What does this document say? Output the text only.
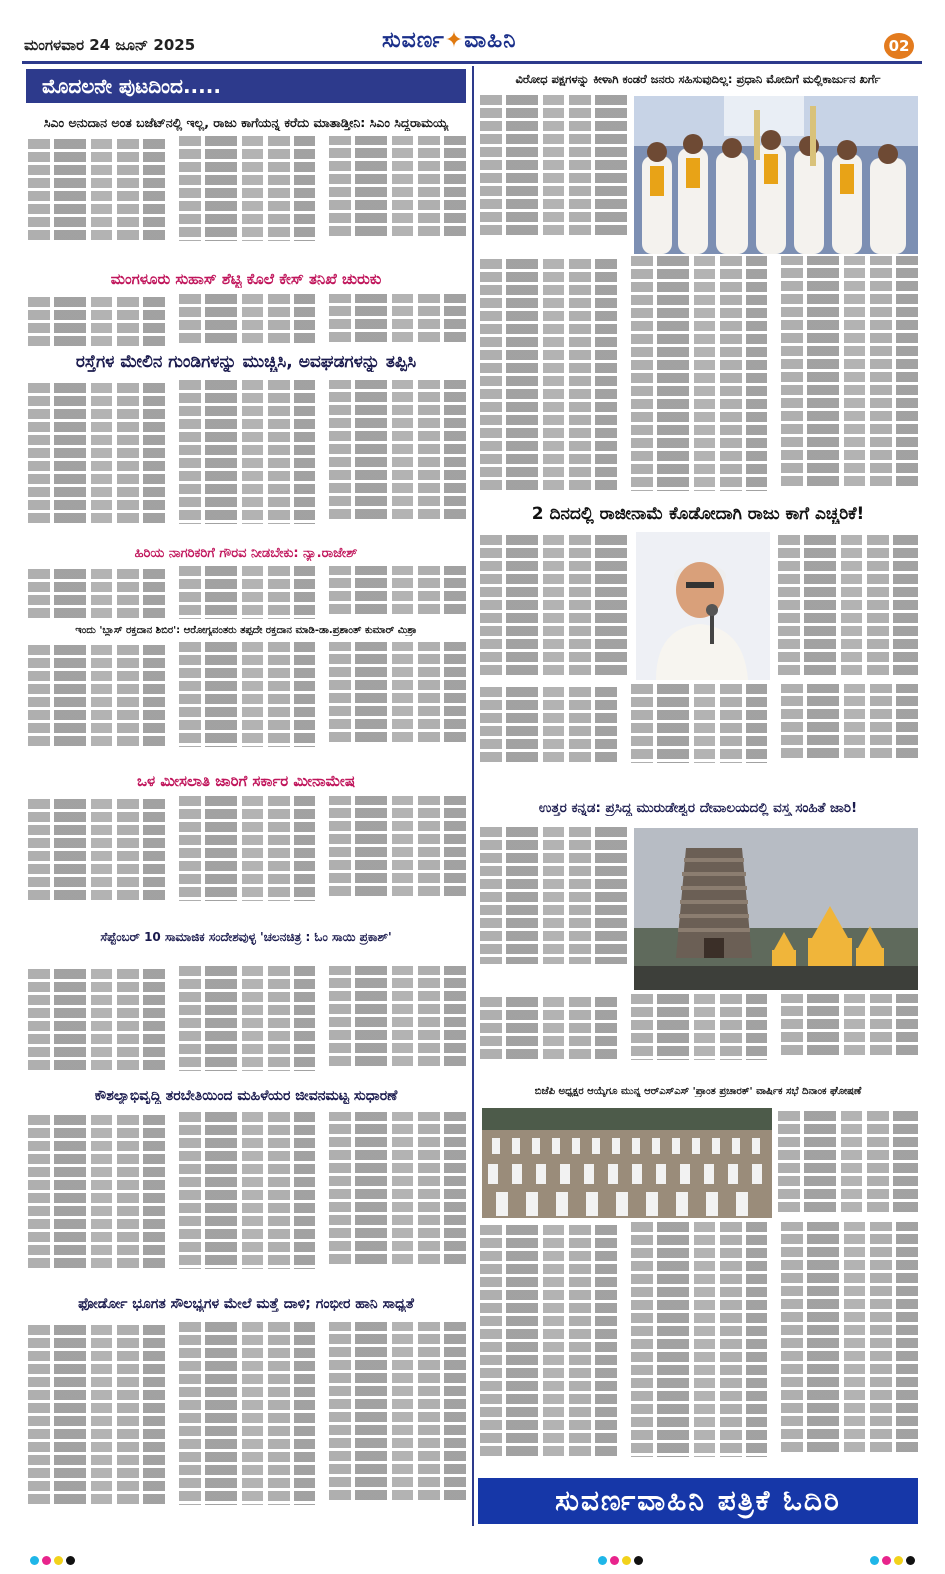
ಮಂಗಳವಾರ 24 ಜೂನ್ 2025	ಸುವರ್ಣ✦ವಾಹಿನಿ	02
ಮೊದಲನೇ ಪುಟದಿಂದ.....
ಸಿಎಂ ಅನುದಾನ ಅಂತ ಬಜೆಟ್‌ನಲ್ಲಿ ಇಲ್ಲ, ರಾಜು ಕಾಗೆಯನ್ನ ಕರೆದು ಮಾತಾಡ್ತೀನಿ: ಸಿಎಂ ಸಿದ್ದರಾಮಯ್ಯ
ಮಂಗಳೂರು ಸುಹಾಸ್ ಶೆಟ್ಟಿ ಕೊಲೆ ಕೇಸ್ ತನಿಖೆ ಚುರುಕು
ರಸ್ತೆಗಳ ಮೇಲಿನ ಗುಂಡಿಗಳನ್ನು ಮುಚ್ಚಿಸಿ, ಅವಘಡಗಳನ್ನು ತಪ್ಪಿಸಿ
ಹಿರಿಯ ನಾಗರಿಕರಿಗೆ ಗೌರವ ನೀಡಬೇಕು: ನ್ಯಾ.ರಾಜೇಶ್
ಇಂದು 'ಬ್ಲಾಸ್ ರಕ್ತದಾನ ಶಿಬಿರ': ಆರೋಗ್ಯವಂತರು ತಪ್ಪದೇ ರಕ್ತದಾನ ಮಾಡಿ-ಡಾ.ಪ್ರಶಾಂತ್ ಕುಮಾರ್ ಮಿಶ್ರಾ
ಒಳ ಮೀಸಲಾತಿ ಜಾರಿಗೆ ಸರ್ಕಾರ ಮೀನಾಮೇಷ
ಸೆಪ್ಟೆಂಬರ್ 10 ಸಾಮಾಜಿಕ ಸಂದೇಶವುಳ್ಳ 'ಚಲನಚಿತ್ರ : ಓಂ ಸಾಯಿ ಪ್ರಕಾಶ್'
ಕೌಶಲ್ಯಾಭಿವೃದ್ಧಿ ತರಬೇತಿಯಿಂದ ಮಹಿಳೆಯರ ಜೀವನಮಟ್ಟ ಸುಧಾರಣೆ
ಫೋರ್ಡೋ ಭೂಗತ ಸೌಲಭ್ಯಗಳ ಮೇಲೆ ಮತ್ತೆ ದಾಳಿ; ಗಂಭೀರ ಹಾನಿ ಸಾಧ್ಯತೆ
ವಿರೋಧ ಪಕ್ಷಗಳನ್ನು ಕೀಳಾಗಿ ಕಂಡರೆ ಜನರು ಸಹಿಸುವುದಿಲ್ಲ: ಪ್ರಧಾನಿ ಮೋದಿಗೆ ಮಲ್ಲಿಕಾರ್ಜುನ ಖರ್ಗೆ
2 ದಿನದಲ್ಲಿ ರಾಜೀನಾಮೆ ಕೊಡೋದಾಗಿ ರಾಜು ಕಾಗೆ ಎಚ್ಚರಿಕೆ!
ಉತ್ತರ ಕನ್ನಡ: ಪ್ರಸಿದ್ಧ ಮುರುಡೇಶ್ವರ ದೇವಾಲಯದಲ್ಲಿ ವಸ್ತ್ರ ಸಂಹಿತೆ ಜಾರಿ!
ಬಿಜೆಪಿ ಅಧ್ಯಕ್ಷರ ಆಯ್ಕೆಗೂ ಮುನ್ನ ಆರ್‌ಎಸ್‌ಎಸ್ 'ಪ್ರಾಂತ ಪ್ರಚಾರಕ್' ವಾರ್ಷಿಕ ಸಭೆ ದಿನಾಂಕ ಘೋಷಣೆ
ಸುವರ್ಣವಾಹಿನಿ ಪತ್ರಿಕೆ ಓದಿರಿ
